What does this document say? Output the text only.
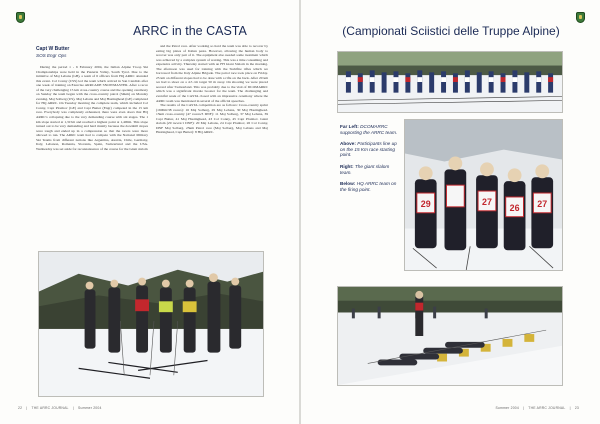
ARRC in the CASTA
Capt W Butter
SOS Engr Ops

During the period 1 - 6 February 2004, the Italian Alpine Troop Ski Championships were held in the Pusteria Valley, South Tyrol. Due to the initiative of Maj Lebans (GB), a team of 6 officers from HQ ARRC attended this event. Col Conny (CSS) led the team which arrived in San Candido after one week of training on Exercise ARRCADE SNOWMASTER. After a recce of the very challenging 15 km cross-country course and the opening ceremony on Sunday the team began with the cross-country patrol (34km) on Monday evening. Maj Solberg (US), Maj Lebans and Maj Hastinghead (GE) completed for HQ ARRC. On Tuesday morning the complete team, which included Col Conny, Capt Plonhov (GE) and Capt Butter (Engr) competed in the 15 km race. Everybody was completely exhausted, there were even doors that HQ ARRC's collapsing due to the very demanding course with six stages. The 1 km slope started at 1,315m and reached a highest point at 1,400m. This slope turned out to be very demanding and hard mainly because the downhill slopes were tough and ended up in a compression so that the racers were more allowed to run. The ARRC team had to compete with the National Military Ski Teams from different nations like Argentina, Austria, Chile, Germany, Italy, Lebanon, Romania, Slovenia, Spain, Switzerland and the USA. Wednesday was set aside for reconnaissance of the course for the Giant slalom

and the Patrol race. After working so hard the team was able to recover by eating big plates of Italian pasta. However, allowing the human body to recover was only part of it. The equipment also needed some treatment which was achieved by a complex system of waxing. This was a time consuming and expensive activity. Thursday started with an FH Giant Slalom in the morning. The afternoon was used for training with the Stahlfire rifles which we borrowed from the Italy Alpine Brigade. The patrol race took place on Friday. 25 km on different slopes had to be done with a rifle on the back. After 20 km we had to shoot on a 4.5 cm target 50 m away. On shooting we were placed second after Switzerland. This was probably due to the visit of DCOMARRC which was a significant morale booster for the team. The challenging and eventful week of the CASTA closed with an impressive ceremony where the ARRC team was mentioned in several of the official speeches.

The results of the CASTA competition are as follows: Cross-country sprint (1600m/38 racers): 16 Maj Solberg, 29 Maj Lebans, 30 Maj Hastinghead. 15km cross-country (47 racers/3 DNF): 11 Maj Solberg, 37 Maj Lebans, 39 Capt Butter, 41 Maj Hastinghead, 43 Col Conny, 45 Capt Plonhov. Giant slalom (29 racers/1 DNF): 20 Maj Lebans, 24 Capt Plonhov, 26 Col Conny, DNF Maj Solberg. 25km Patrol race (Maj Solberg, Maj Lebans and Maj Hastinghead, Capt Butter): 8 HQ ARRC.

22 | THE ARRC JOURNAL | Summer 2004
(Campionati Sciistici delle Truppe Alpine)
Far Left: DCOMARRC supporting the ARRC team.
Above: Participants line up on the 15 Km race starting point.
Right: The giant slalom team.
Below: HQ ARRC team on the firing point.
29	27
26 27
Summer 2004 | THE ARRC JOURNAL | 23
